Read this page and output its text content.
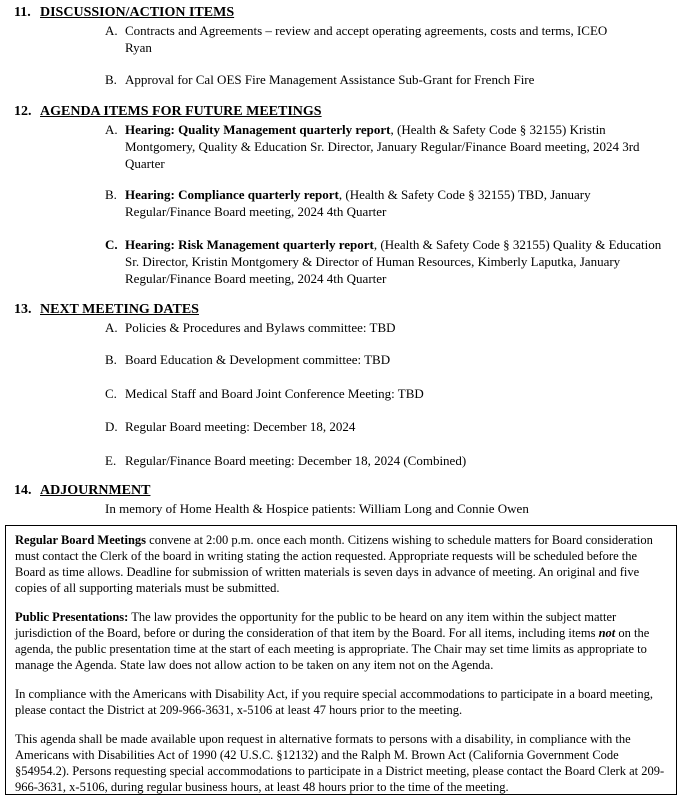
11. DISCUSSION/ACTION ITEMS
A. Contracts and Agreements – review and accept operating agreements, costs and terms, ICEO Ryan
B. Approval for Cal OES Fire Management Assistance Sub-Grant for French Fire
12. AGENDA ITEMS FOR FUTURE MEETINGS
A. Hearing: Quality Management quarterly report, (Health & Safety Code § 32155) Kristin Montgomery, Quality & Education Sr. Director, January Regular/Finance Board meeting, 2024 3rd Quarter
B. Hearing: Compliance quarterly report, (Health & Safety Code § 32155) TBD, January Regular/Finance Board meeting, 2024 4th Quarter
C. Hearing: Risk Management quarterly report, (Health & Safety Code § 32155) Quality & Education Sr. Director, Kristin Montgomery & Director of Human Resources, Kimberly Laputka, January Regular/Finance Board meeting, 2024 4th Quarter
13. NEXT MEETING DATES
A. Policies & Procedures and Bylaws committee: TBD
B. Board Education & Development committee: TBD
C. Medical Staff and Board Joint Conference Meeting: TBD
D. Regular Board meeting: December 18, 2024
E. Regular/Finance Board meeting: December 18, 2024 (Combined)
14. ADJOURNMENT
In memory of Home Health & Hospice patients: William Long and Connie Owen

Regular Board Meetings convene at 2:00 p.m. once each month. Citizens wishing to schedule matters for Board consideration must contact the Clerk of the board in writing stating the action requested. Appropriate requests will be scheduled before the Board as time allows. Deadline for submission of written materials is seven days in advance of meeting. An original and five copies of all supporting materials must be submitted.

Public Presentations: The law provides the opportunity for the public to be heard on any item within the subject matter jurisdiction of the Board, before or during the consideration of that item by the Board. For all items, including items not on the agenda, the public presentation time at the start of each meeting is appropriate. The Chair may set time limits as appropriate to manage the Agenda. State law does not allow action to be taken on any item not on the Agenda.

In compliance with the Americans with Disability Act, if you require special accommodations to participate in a board meeting, please contact the District at 209-966-3631, x-5106 at least 47 hours prior to the meeting.

This agenda shall be made available upon request in alternative formats to persons with a disability, in compliance with the Americans with Disabilities Act of 1990 (42 U.S.C. §12132) and the Ralph M. Brown Act (California Government Code §54954.2). Persons requesting special accommodations to participate in a District meeting, please contact the Board Clerk at 209-966-3631, x-5106, during regular business hours, at least 48 hours prior to the time of the meeting.
